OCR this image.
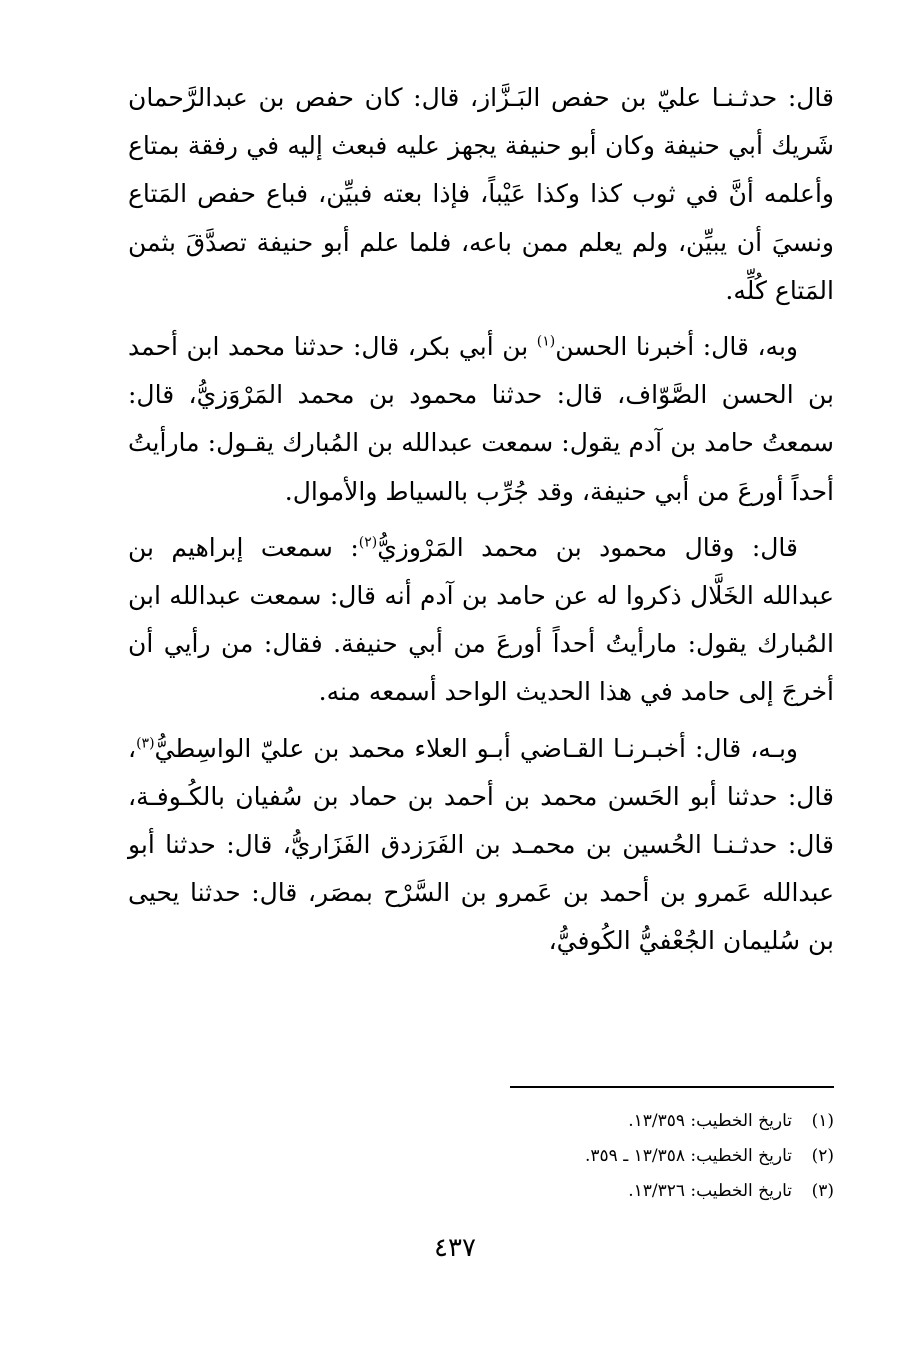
قال: حدثـنـا عليّ بن حفص البَـزَّاز، قال: كان حفص بن عبدالرَّحمان شَريك أبي حنيفة وكان أبو حنيفة يجهز عليه فبعث إليه في رفقة بمتاع وأعلمه أنَّ في ثوب كذا وكذا عَيْباً، فإذا بعته فبيِّن، فباع حفص المَتاع ونسيَ أن يبيِّن، ولم يعلم ممن باعه، فلما علم أبو حنيفة تصدَّقَ بثمن المَتاع كُلِّه.

وبه، قال: أخبرنا الحسن$^{(١)}$ بن أبي بكر، قال: حدثنا محمد ابن أحمد بن الحسن الصَّوّاف، قال: حدثنا محمود بن محمد المَرْوَزيُّ، قال: سمعتُ حامد بن آدم يقول: سمعت عبدالله بن المُبارك يقـول: مارأيتُ أحداً أورعَ من أبي حنيفة، وقد جُرِّب بالسياط والأموال.

قال: وقال محمود بن محمد المَرْوزيُّ$^{(٢)}$: سمعت إبراهيم بن عبدالله الخَلَّال ذكروا له عن حامد بن آدم أنه قال: سمعت عبدالله ابن المُبارك يقول: مارأيتُ أحداً أورعَ من أبي حنيفة. فقال: من رأيي أن أخرجَ إلى حامد في هذا الحديث الواحد أسمعه منه.

وبـه، قال: أخبـرنـا القـاضي أبـو العلاء محمد بن عليّ الواسِطيُّ$^{(٣)}$، قال: حدثنا أبو الحَسن محمد بن أحمد بن حماد بن سُفيان بالكُـوفـة، قال: حدثـنـا الحُسين بن محمـد بن الفَرَزدق الفَزَاريُّ، قال: حدثنا أبو عبدالله عَمرو بن أحمد بن عَمرو بن السَّرْح بمصَر، قال: حدثنا يحيى بن سُليمان الجُعْفيُّ الكُوفيُّ،

(١)تاريخ الخطيب: ١٣/٣٥٩.
(٢)تاريخ الخطيب: ١٣/٣٥٨ ـ ٣٥٩.
(٣)تاريخ الخطيب: ١٣/٣٢٦.
٤٣٧
